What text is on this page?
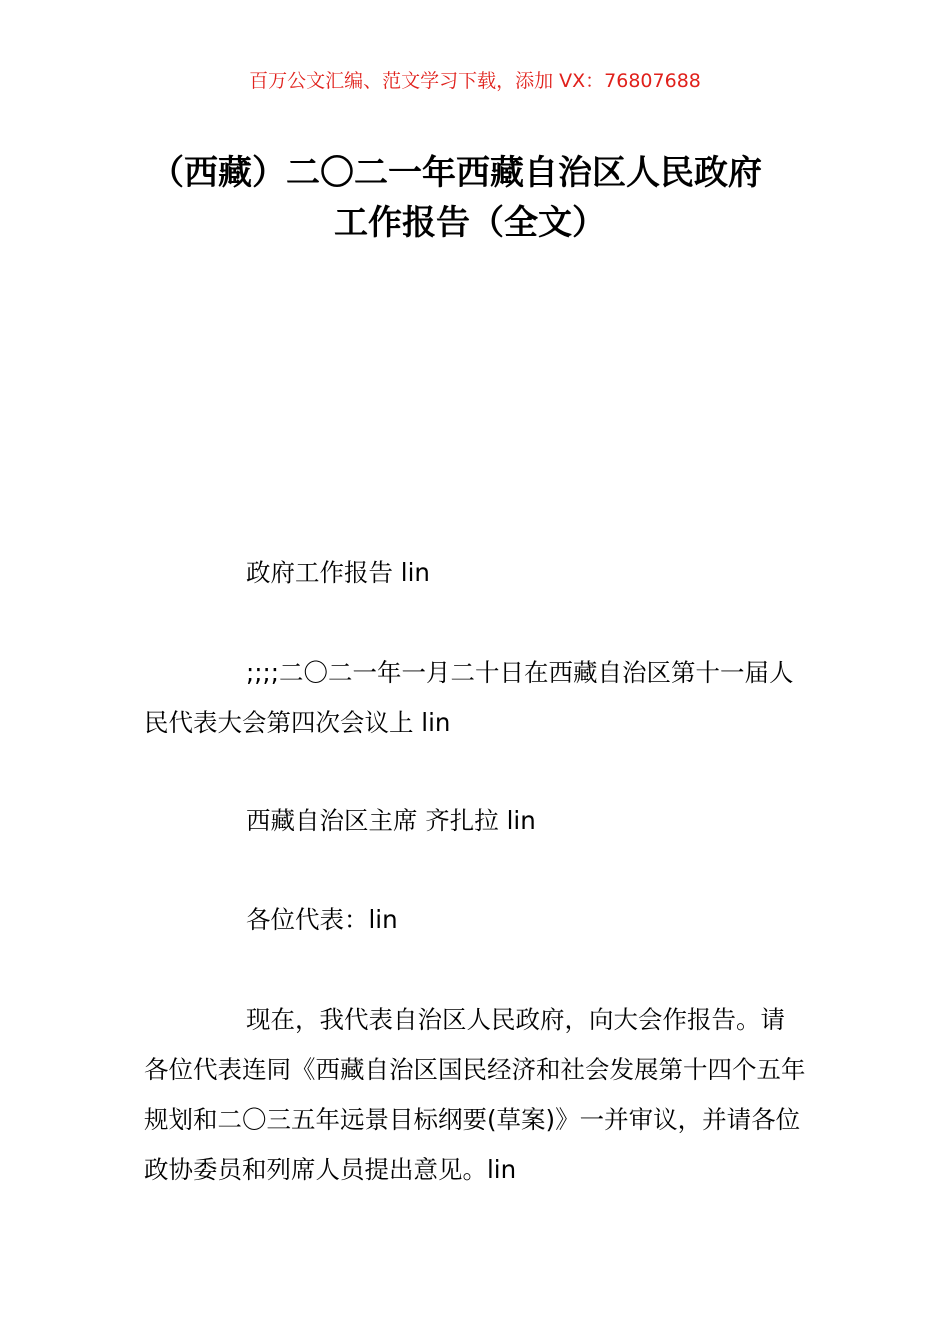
百万公文汇编、范文学习下载，添加 VX：76807688
（西藏）二〇二一年西藏自治区人民政府
工作报告（全文）
政府工作报告 lin
;;;;二〇二一年一月二十日在西藏自治区第十一届人民代表大会第四次会议上 lin
西藏自治区主席 齐扎拉 lin
各位代表：lin
现在，我代表自治区人民政府，向大会作报告。请各位代表连同《西藏自治区国民经济和社会发展第十四个五年规划和二〇三五年远景目标纲要(草案)》一并审议，并请各位政协委员和列席人员提出意见。lin
